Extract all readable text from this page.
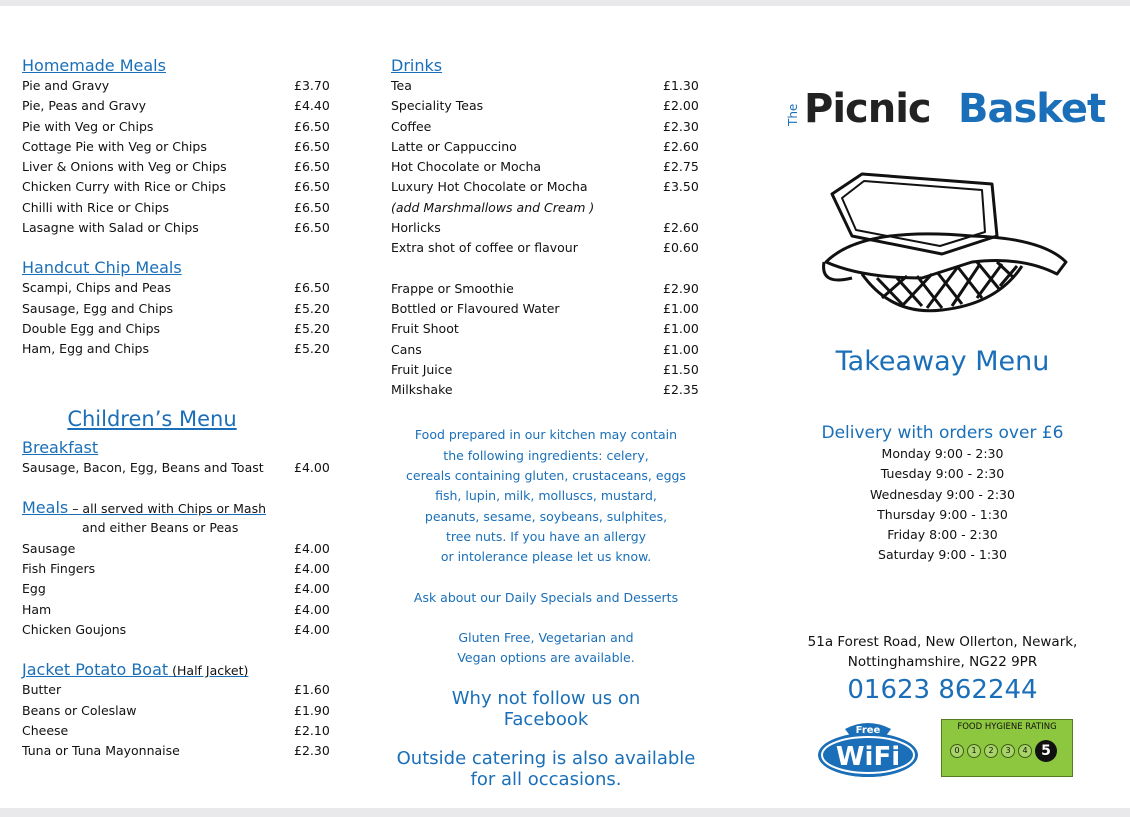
Homemade Meals
Pie and Gravy	£3.70
Pie, Peas and Gravy	£4.40
Pie with Veg or Chips	£6.50
Cottage Pie with Veg or Chips	£6.50
Liver & Onions with Veg or Chips	£6.50
Chicken Curry with Rice or Chips	£6.50
Chilli with Rice or Chips	£6.50
Lasagne with Salad or Chips	£6.50
Handcut Chip Meals
Scampi, Chips and Peas	£6.50
Sausage, Egg and Chips	£5.20
Double Egg and Chips	£5.20
Ham, Egg and Chips	£5.20
Children’s Menu
Breakfast
Sausage, Bacon, Egg, Beans and Toast £4.00
Meals – all served with Chips or Mash
and either Beans or Peas
Sausage	£4.00
Fish Fingers	£4.00
Egg	£4.00
Ham	£4.00
Chicken Goujons	£4.00
Jacket Potato Boat (Half Jacket)
Butter	£1.60
Beans or Coleslaw	£1.90
Cheese	£2.10
Tuna or Tuna Mayonnaise	£2.30
Drinks
Tea	£1.30
Speciality Teas	£2.00
Coffee	£2.30
Latte or Cappuccino	£2.60
Hot Chocolate or Mocha	£2.75
Luxury Hot Chocolate or Mocha	£3.50
(add Marshmallows and Cream )
Horlicks	£2.60
Extra shot of coffee or flavour	£0.60
Frappe or Smoothie	£2.90
Bottled or Flavoured Water	£1.00
Fruit Shoot	£1.00
Cans	£1.00
Fruit Juice	£1.50
Milkshake	£2.35
Food prepared in our kitchen may contain
the following ingredients: celery,
cereals containing gluten, crustaceans, eggs
fish, lupin, milk, molluscs, mustard,
peanuts, sesame, soybeans, sulphites,
tree nuts. If you have an allergy
or intolerance please let us know.
Ask about our Daily Specials and Desserts
Gluten Free, Vegetarian and
Vegan options are available.
Why not follow us on
Facebook
Outside catering is also available
for all occasions.
The Picnic Basket
Takeaway Menu
Delivery with orders over £6
Monday 9:00 - 2:30
Tuesday 9:00 - 2:30
Wednesday 9:00 - 2:30
Thursday 9:00 - 1:30
Friday 8:00 - 2:30
Saturday 9:00 - 1:30
51a Forest Road, New Ollerton, Newark,
Nottinghamshire, NG22 9PR
01623 862244
Free
WiFi
FOOD HYGIENE RATING
0	1	2	3	4 5
